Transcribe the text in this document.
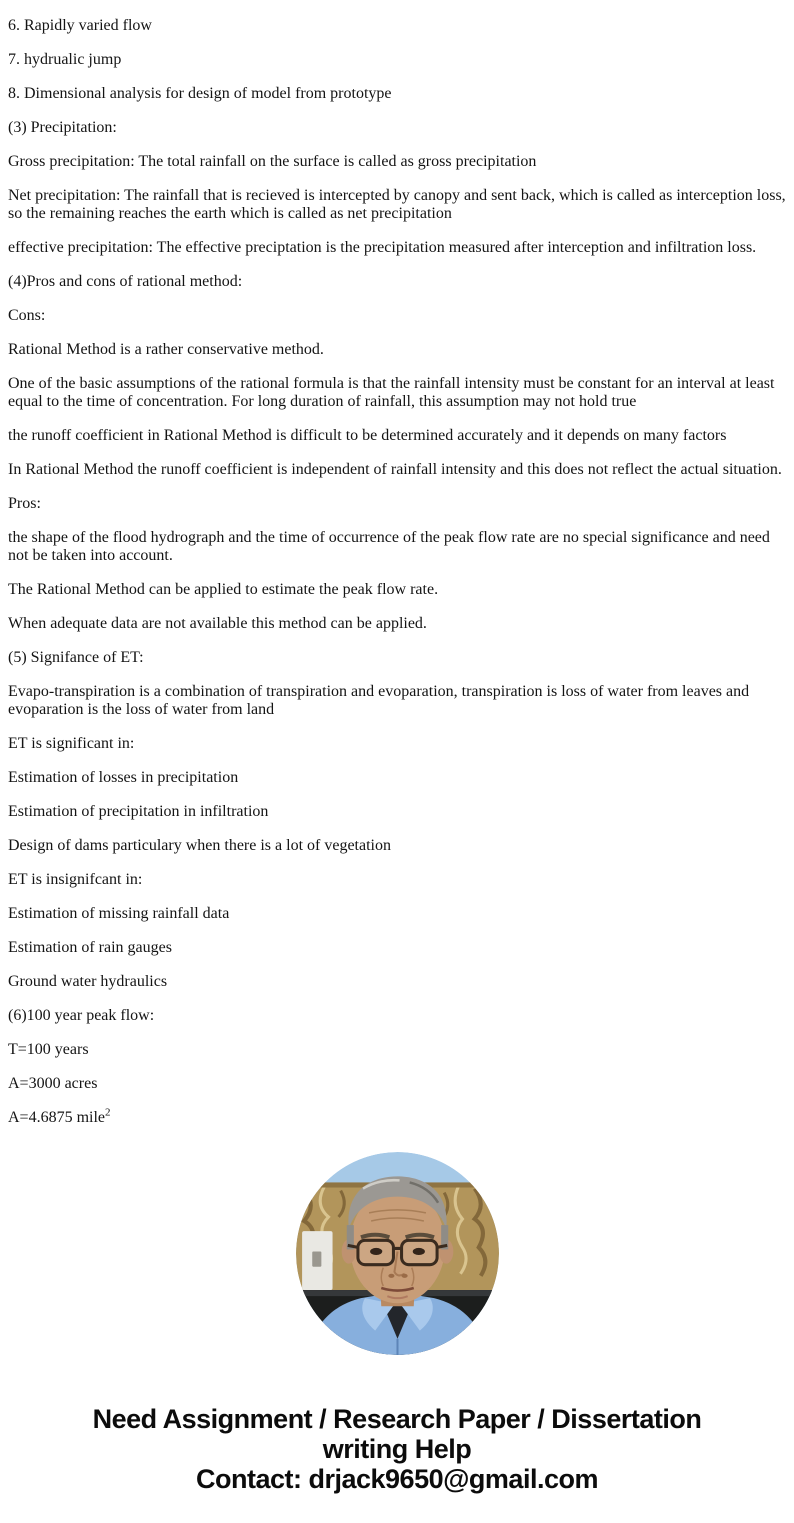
6. Rapidly varied flow

7. hydrualic jump

8. Dimensional analysis for design of model from prototype

(3) Precipitation:

Gross precipitation: The total rainfall on the surface is called as gross precipitation

Net precipitation: The rainfall that is recieved is intercepted by canopy and sent back, which is called as interception loss, so the remaining reaches the earth which is called as net precipitation

effective precipitation: The effective preciptation is the precipitation measured after interception and infiltration loss.

(4)Pros and cons of rational method:

Cons:

Rational Method is a rather conservative method.

One of the basic assumptions of the rational formula is that the rainfall intensity must be constant for an interval at least equal to the time of concentration. For long duration of rainfall, this assumption may not hold true

the runoff coefficient in Rational Method is difficult to be determined accurately and it depends on many factors

In Rational Method the runoff coefficient is independent of rainfall intensity and this does not reflect the actual situation.

Pros:

the shape of the flood hydrograph and the time of occurrence of the peak flow rate are no special significance and need not be taken into account.

The Rational Method can be applied to estimate the peak flow rate.

When adequate data are not available this method can be applied.

(5) Signifance of ET:

Evapo-transpiration is a combination of transpiration and evoparation, transpiration is loss of water from leaves and evoparation is the loss of water from land

ET is significant in:

Estimation of losses in precipitation

Estimation of precipitation in infiltration

Design of dams particulary when there is a lot of vegetation

ET is insignifcant in:

Estimation of missing rainfall data

Estimation of rain gauges

Ground water hydraulics

(6)100 year peak flow:

T=100 years

A=3000 acres

A=4.6875 mile$^2$

Need Assignment / Research Paper / Dissertation
writing Help
Contact: drjack9650@gmail.com
